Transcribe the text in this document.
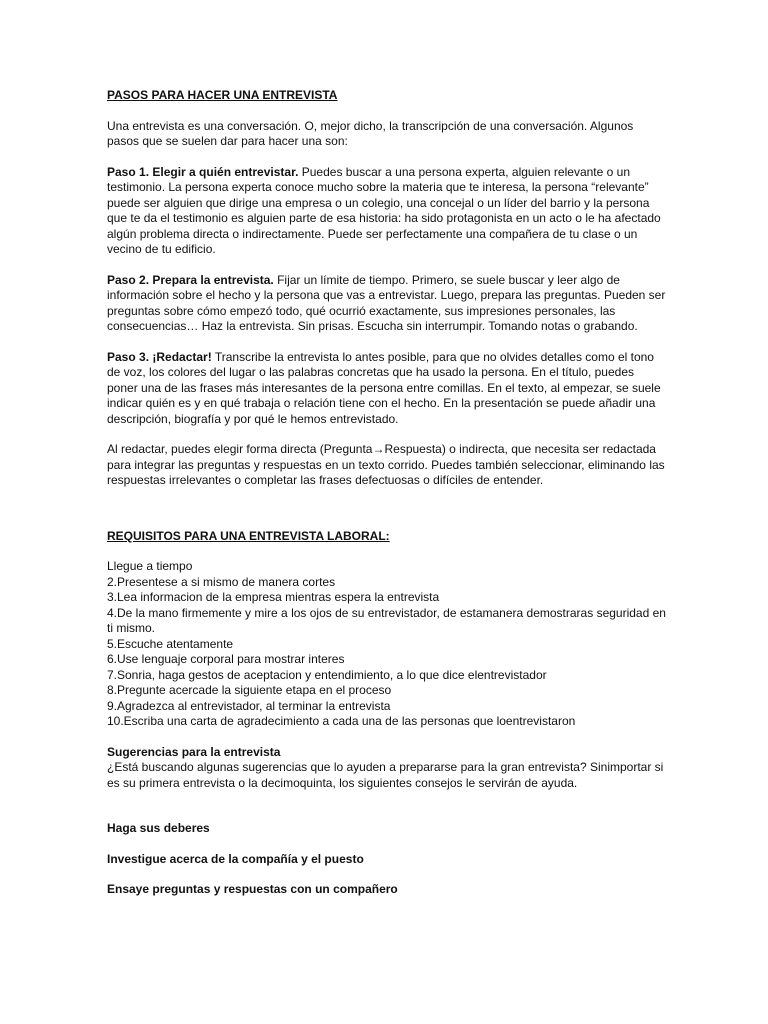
PASOS PARA HACER UNA ENTREVISTA

Una entrevista es una conversación. O, mejor dicho, la transcripción de una conversación. Algunos pasos que se suelen dar para hacer una son:

Paso 1. Elegir a quién entrevistar. Puedes buscar a una persona experta, alguien relevante o un testimonio. La persona experta conoce mucho sobre la materia que te interesa, la persona “relevante” puede ser alguien que dirige una empresa o un colegio, una concejal o un líder del barrio y la persona que te da el testimonio es alguien parte de esa historia: ha sido protagonista en un acto o le ha afectado algún problema directa o indirectamente. Puede ser perfectamente una compañera de tu clase o un vecino de tu edificio.

Paso 2. Prepara la entrevista. Fijar un límite de tiempo. Primero, se suele buscar y leer algo de información sobre el hecho y la persona que vas a entrevistar. Luego, prepara las preguntas. Pueden ser preguntas sobre cómo empezó todo, qué ocurrió exactamente, sus impresiones personales, las consecuencias… Haz la entrevista. Sin prisas. Escucha sin interrumpir. Tomando notas o grabando.

Paso 3. ¡Redactar! Transcribe la entrevista lo antes posible, para que no olvides detalles como el tono de voz, los colores del lugar o las palabras concretas que ha usado la persona. En el título, puedes poner una de las frases más interesantes de la persona entre comillas. En el texto, al empezar, se suele indicar quién es y en qué trabaja o relación tiene con el hecho. En la presentación se puede añadir una descripción, biografía y por qué le hemos entrevistado.

Al redactar, puedes elegir forma directa (Pregunta→Respuesta) o indirecta, que necesita ser redactada para integrar las preguntas y respuestas en un texto corrido. Puedes también seleccionar, eliminando las respuestas irrelevantes o completar las frases defectuosas o difíciles de entender.

REQUISITOS PARA UNA ENTREVISTA LABORAL:

Llegue a tiempo

2.Presentese a si mismo de manera cortes

3.Lea informacion de la empresa mientras espera la entrevista

4.De la mano firmemente y mire a los ojos de su entrevistador, de estamanera demostraras seguridad en ti mismo.

5.Escuche atentamente

6.Use lenguaje corporal para mostrar interes

7.Sonria, haga gestos de aceptacion y entendimiento, a lo que dice elentrevistador

8.Pregunte acercade la siguiente etapa en el proceso

9.Agradezca al entrevistador, al terminar la entrevista

10.Escriba una carta de agradecimiento a cada una de las personas que loentrevistaron

Sugerencias para la entrevista

¿Está buscando algunas sugerencias que lo ayuden a prepararse para la gran entrevista? Sinimportar si es su primera entrevista o la decimoquinta, los siguientes consejos le servirán de ayuda.

Haga sus deberes

Investigue acerca de la compañía y el puesto

Ensaye preguntas y respuestas con un compañero
